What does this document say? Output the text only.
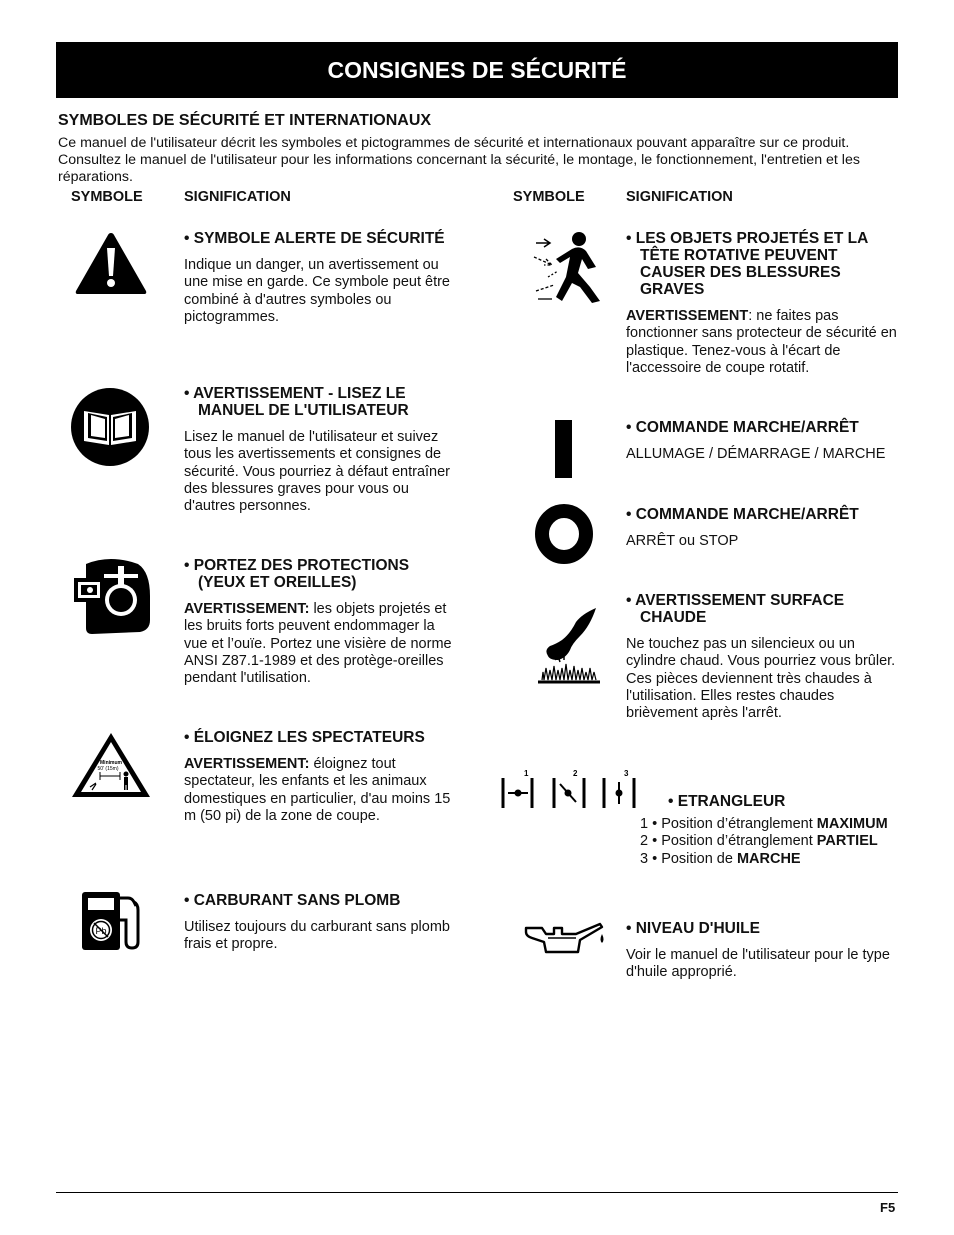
CONSIGNES DE SÉCURITÉ
SYMBOLES DE SÉCURITÉ ET INTERNATIONAUX
Ce manuel de l'utilisateur décrit les symboles et pictogrammes de sécurité et internationaux pouvant apparaître sur ce produit. Consultez le manuel de l'utilisateur pour les informations concernant la sécurité, le montage, le fonctionnement, l'entretien et les réparations.
SYMBOLE	SIGNIFICATION	SYMBOLE	SIGNIFICATION
• SYMBOLE ALERTE DE SÉCURITÉ
Indique un danger, un avertissement ou une mise en garde. Ce symbole peut être combiné à d'autres symboles ou pictogrammes.
• AVERTISSEMENT - LISEZ LE MANUEL DE L'UTILISATEUR
Lisez le manuel de l'utilisateur et suivez tous les avertissements et consignes de sécurité. Vous pourriez à défaut entraîner des blessures graves pour vous ou d'autres personnes.
• PORTEZ DES PROTECTIONS (YEUX ET OREILLES)
AVERTISSEMENT: les objets projetés et les bruits forts peuvent endommager la vue et l’ouïe. Portez une visière de norme ANSI Z87.1-1989 et des protège-oreilles pendant l'utilisation.
Minimum
50' (15m)
• ÉLOIGNEZ LES SPECTATEURS
AVERTISSEMENT: éloignez tout spectateur, les enfants et les animaux domestiques en particulier, d'au moins 15 m (50 pi) de la zone de coupe.
Pb
• CARBURANT SANS PLOMB
Utilisez toujours du carburant sans plomb frais et propre.
• LES OBJETS PROJETÉS ET LA TÊTE ROTATIVE PEUVENT CAUSER DES BLESSURES GRAVES
AVERTISSEMENT: ne faites pas fonctionner sans protecteur de sécurité en plastique. Tenez-vous à l'écart de l'accessoire de coupe rotatif.
• COMMANDE MARCHE/ARRÊT
ALLUMAGE / DÉMARRAGE / MARCHE
• COMMANDE MARCHE/ARRÊT
ARRÊT ou STOP
• AVERTISSEMENT SURFACE CHAUDE
Ne touchez pas un silencieux ou un cylindre chaud. Vous pourriez vous brûler. Ces pièces deviennent très chaudes à l'utilisation. Elles restes chaudes brièvement après l'arrêt.
1	2	3
• ETRANGLEUR
1 • Position d’étranglement MAXIMUM
2 • Position d’étranglement PARTIEL
3 • Position de MARCHE
• NIVEAU D'HUILE
Voir le manuel de l'utilisateur pour le type d'huile approprié.
F5
